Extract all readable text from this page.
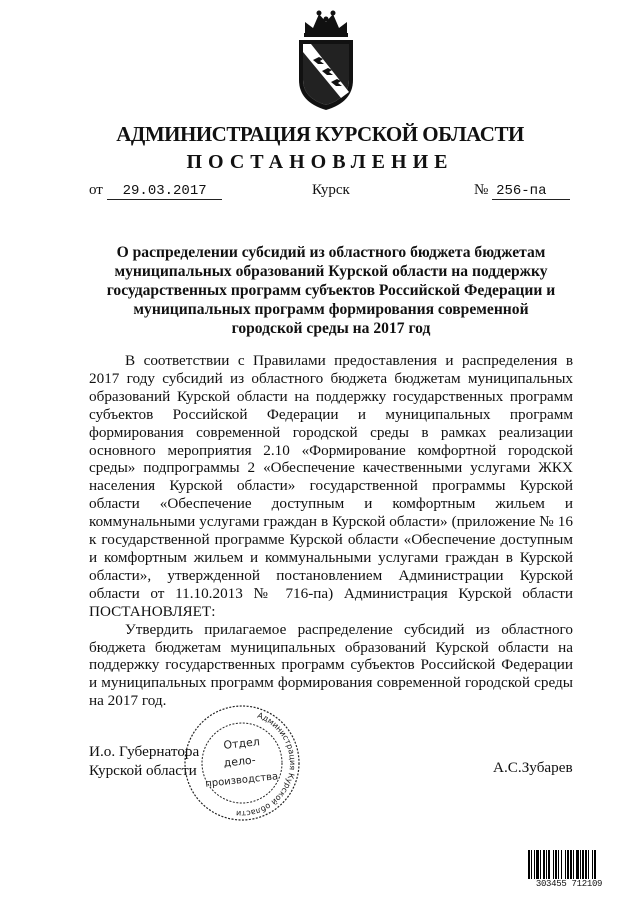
АДМИНИСТРАЦИЯ КУРСКОЙ ОБЛАСТИ
ПОСТАНОВЛЕНИЕ
от 29.03.2017	Курск	№ 256-па
О распределении субсидий из областного бюджета бюджетам
муниципальных образований Курской области на поддержку
государственных программ субъектов Российской Федерации и
муниципальных программ формирования современной
городской среды на 2017 год

В соответствии с Правилами предоставления и распределения в 2017 году субсидий из областного бюджета бюджетам муниципальных образований Курской области на поддержку государственных программ субъектов Российской Федерации и муниципальных программ формирования современной городской среды в рамках реализации основного мероприятия 2.10 «Формирование комфортной городской среды» подпрограммы 2 «Обеспечение качественными услугами ЖКХ населения Курской области» государственной программы Курской области «Обеспечение доступным и комфортным жильем и коммунальными услугами граждан в Курской области» (приложение № 16 к государственной программе Курской области «Обеспечение доступным и комфортным жильем и коммунальными услугами граждан в Курской области», утвержденной постановлением Администрации Курской области от 11.10.2013 № 716-па) Администрация Курской области ПОСТАНОВЛЯЕТ:

Утвердить прилагаемое распределение субсидий из областного бюджета бюджетам муниципальных образований Курской области на поддержку государственных программ субъектов Российской Федерации и муниципальных программ формирования современной городской среды на 2017 год.

И.о. Губернатора
Курской области	А.С.Зубарев
Администрация Курской области
Отдел
дело-
производства
303455 712109
